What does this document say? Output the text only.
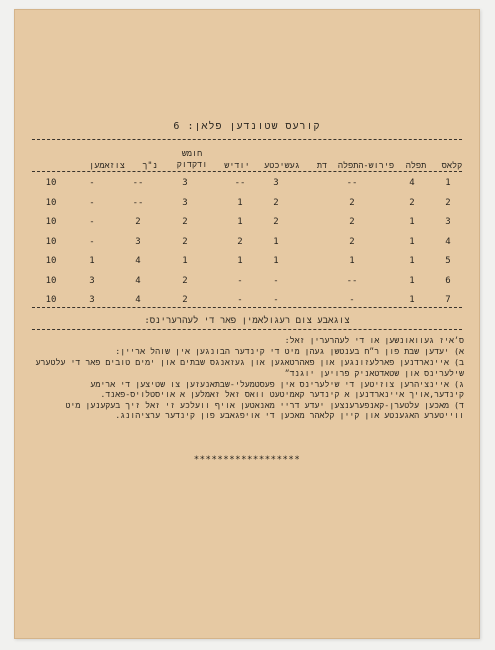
קורעס שטונדען פלאן: 6
קלאס
תפלה
פירוש-התפלה
דת
געשיכטע
יודיש
חומש ודקדוק
נ"ך
צוזאמען
1
4
--
3
--
3
--
-
10
2
2
2
2
1
3
--
-
10
3
1
2
2
1
2
2
-
10
4
1
2
1
2
2
3
-
10
5
1
1
1
1
1
4
1
10
6
1
--
-
-
2
4
3
10
7
1
-
-
-
2
4
3
10
צוגאבע צום רעגולאמין פאר די לעהרערינס:

ס׳איז געוואונשען או די לעהרערין זאל:

א) יעדען שבת פון ר״ח בענטשן געהן מיט די קינדער הבונגען אין שוהל אריין:

ב) איינארדנען פארלעזונגען און פאהרטאגען און געזאנגס שבתים און ימים טובים פאר די עלטערע שילערינס און שטאדטאניק פרויען יוגנד״

ג) איינציהרען צוזיטען די שילערינס אין פעסטמעלי-שבתאנעזען צו שטיצען די ארימע קינדער,אויך איינארדנען א קינדער קאמיטעט וואס זאל זאמלען א אויסטלויס-פאנד.

ד) מאכען עלטערן-קאנפערענצען יעדע דריי מאנאטען אויף וועלכע זי זאל זיך בעקענען מיט ווייטערע האגענטע און קיין קלאהר מאכען די אויפגאבע פון קינדער ערציהונג.

******************
